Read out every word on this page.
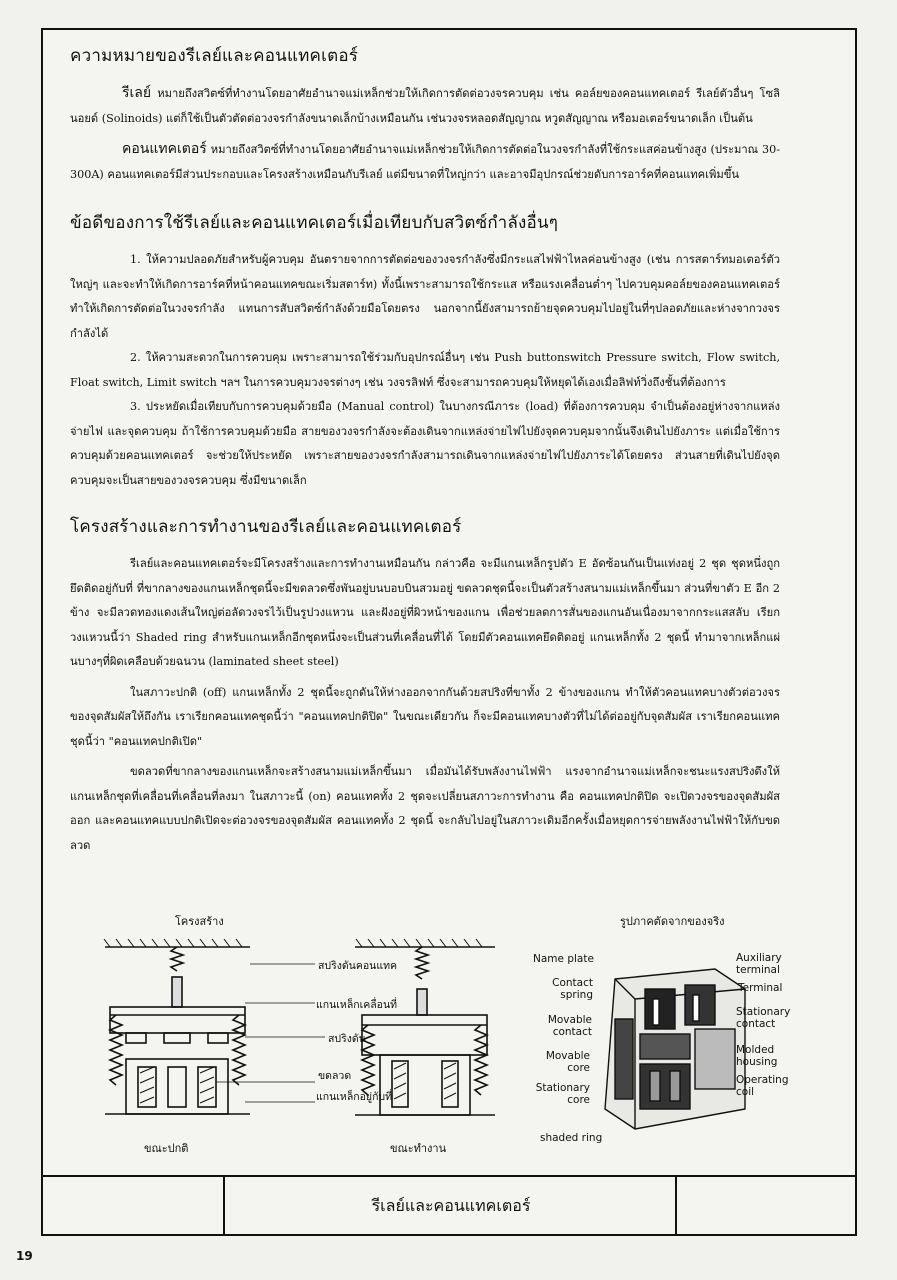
ความหมายของรีเลย์และคอนแทคเตอร์

รีเลย์ หมายถึงสวิตซ์ที่ทำงานโดยอาศัยอำนาจแม่เหล็กช่วยให้เกิดการตัดต่อวงจรควบคุม เช่น คอล์ยของคอนแทคเตอร์ รีเลย์ตัวอื่นๆ โซลินอยด์ (Solinoids) แต่ก็ใช้เป็นตัวตัดต่อวงจรกำลังขนาดเล็กบ้างเหมือนกัน เช่นวงจรหลอดสัญญาณ หวูดสัญญาณ หรือมอเตอร์ขนาดเล็ก เป็นต้น

คอนแทคเตอร์ หมายถึงสวิตซ์ที่ทำงานโดยอาศัยอำนาจแม่เหล็กช่วยให้เกิดการตัดต่อในวงจรกำลังที่ใช้กระแสค่อนข้างสูง (ประมาณ 30-300A) คอนแทคเตอร์มีส่วนประกอบและโครงสร้างเหมือนกับรีเลย์ แต่มีขนาดที่ใหญ่กว่า และอาจมีอุปกรณ์ช่วยดับการอาร์คที่คอนแทคเพิ่มขึ้น

ข้อดีของการใช้รีเลย์และคอนแทคเตอร์เมื่อเทียบกับสวิตซ์กำลังอื่นๆ

1. ให้ความปลอดภัยสำหรับผู้ควบคุม อันตรายจากการตัดต่อของวงจรกำลังซึ่งมีกระแสไฟฟ้าไหลค่อนข้างสูง (เช่น การสตาร์ทมอเตอร์ตัวใหญ่ๆ และจะทำให้เกิดการอาร์คที่หน้าคอนแทคขณะเริ่มสตาร์ท) ทั้งนี้เพราะสามารถใช้กระแส หรือแรงเคลื่อนต่ำๆ ไปควบคุมคอล์ยของคอนแทคเตอร์ ทำให้เกิดการตัดต่อในวงจรกำลัง แทนการสับสวิตซ์กำลังด้วยมือโดยตรง นอกจากนี้ยังสามารถย้ายจุดควบคุมไปอยู่ในที่ๆปลอดภัยและห่างจากวงจรกำลังได้

2. ให้ความสะดวกในการควบคุม เพราะสามารถใช้ร่วมกับอุปกรณ์อื่นๆ เช่น Push buttonswitch Pressure switch, Flow switch, Float switch, Limit switch ฯลฯ ในการควบคุมวงจรต่างๆ เช่น วงจรลิฟท์ ซึ่งจะสามารถควบคุมให้หยุดได้เองเมื่อลิฟท์วิ่งถึงชั้นที่ต้องการ

3. ประหยัดเมื่อเทียบกับการควบคุมด้วยมือ (Manual control) ในบางกรณีภาระ (load) ที่ต้องการควบคุม จำเป็นต้องอยู่ห่างจากแหล่งจ่ายไฟ และจุดควบคุม ถ้าใช้การควบคุมด้วยมือ สายของวงจรกำลังจะต้องเดินจากแหล่งจ่ายไฟไปยังจุดควบคุมจากนั้นจึงเดินไปยังภาระ แต่เมื่อใช้การควบคุมด้วยคอนแทคเตอร์ จะช่วยให้ประหยัด เพราะสายของวงจรกำลังสามารถเดินจากแหล่งจ่ายไฟไปยังภาระได้โดยตรง ส่วนสายที่เดินไปยังจุดควบคุมจะเป็นสายของวงจรควบคุม ซึ่งมีขนาดเล็ก

โครงสร้างและการทำงานของรีเลย์และคอนแทคเตอร์

รีเลย์และคอนแทคเตอร์จะมีโครงสร้างและการทำงานเหมือนกัน กล่าวคือ จะมีแกนเหล็กรูปตัว E อัดซ้อนกันเป็นแท่งอยู่ 2 ชุด ชุดหนึ่งถูกยึดติดอยู่กับที่ ที่ขากลางของแกนเหล็กชุดนี้จะมีขดลวดซึ่งพันอยู่บนบอบบินสวมอยู่ ขดลวดชุดนี้จะเป็นตัวสร้างสนามแม่เหล็กขึ้นมา ส่วนที่ขาตัว E อีก 2 ข้าง จะมีลวดทองแดงเส้นใหญ่ต่อลัดวงจรไว้เป็นรูปวงแหวน และฝังอยู่ที่ผิวหน้าของแกน เพื่อช่วยลดการสั่นของแกนอันเนื่องมาจากกระแสสลับ เรียกวงแหวนนี้ว่า Shaded ring สำหรับแกนเหล็กอีกชุดหนึ่งจะเป็นส่วนที่เคลื่อนที่ได้ โดยมีตัวคอนแทคยึดติดอยู่ แกนเหล็กทั้ง 2 ชุดนี้ ทำมาจากเหล็กแผ่นบางๆที่ผิดเคลือบด้วยฉนวน (laminated sheet steel)

ในสภาวะปกติ (off) แกนเหล็กทั้ง 2 ชุดนี้จะถูกดันให้ห่างออกจากกันด้วยสปริงที่ขาทั้ง 2 ข้างของแกน ทำให้ตัวคอนแทคบางตัวต่อวงจรของจุดสัมผัสให้ถึงกัน เราเรียกคอนแทคชุดนี้ว่า "คอนแทคปกติปิด" ในขณะเดียวกัน ก็จะมีคอนแทคบางตัวที่ไม่ได้ต่ออยู่กับจุดสัมผัส เราเรียกคอนแทคชุดนี้ว่า "คอนแทคปกติเปิด"

ขดลวดที่ขากลางของแกนเหล็กจะสร้างสนามแม่เหล็กขึ้นมา เมื่อมันได้รับพลังงานไฟฟ้า แรงจากอำนาจแม่เหล็กจะชนะแรงสปริงดึงให้แกนเหล็กชุดที่เคลื่อนที่เคลื่อนที่ลงมา ในสภาวะนี้ (on) คอนแทคทั้ง 2 ชุดจะเปลี่ยนสภาวะการทำงาน คือ คอนแทคปกติปิด จะเปิดวงจรของจุดสัมผัสออก และคอนแทคแบบปกติเปิดจะต่อวงจรของจุดสัมผัส คอนแทคทั้ง 2 ชุดนี้ จะกลับไปอยู่ในสภาวะเดิมอีกครั้งเมื่อหยุดการจ่ายพลังงานไฟฟ้าให้กับขดลวด

โครงสร้าง	รูปภาคตัดจากของจริง
สปริงดันคอนแทค
แกนเหล็กเคลื่อนที่
สปริงดัน
ขดลวด
แกนเหล็กอยู่กับที่
ขณะปกติ	ขณะทำงาน
Name plate
Contact spring
Movable contact
Movable core
Stationary core
shaded ring
Auxiliary terminal
Terminal
Stationary contact
Molded housing
Operating coil
รีเลย์และคอนแทคเตอร์
19
